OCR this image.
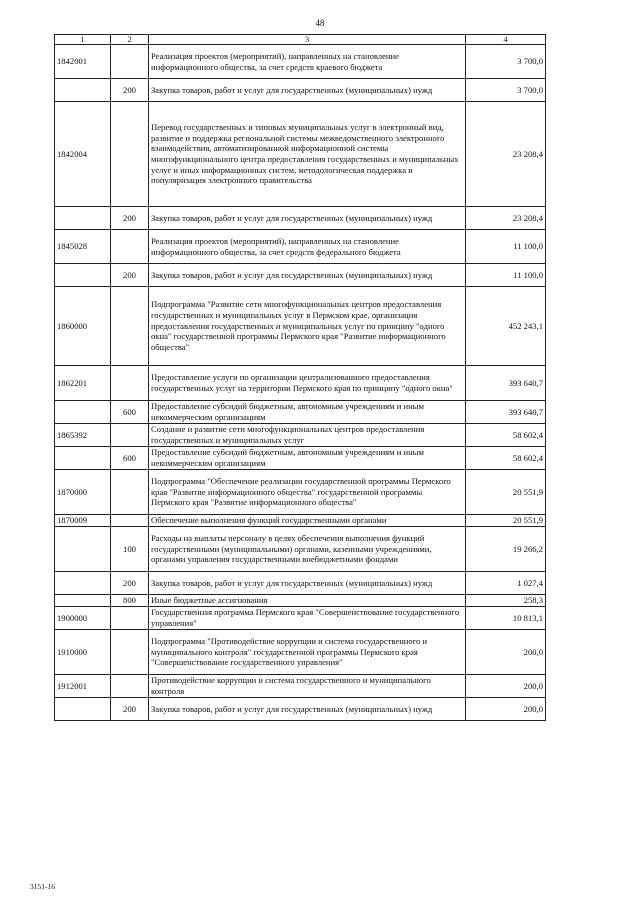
48
1	2	3	4
1842001		Реализация проектов (мероприятий), направленных на становление информационного общества, за счет средств краевого бюджета	3 700,0
	200	Закупка товаров, работ и услуг для государственных (муниципальных) нужд	3 700,0
1842004		Перевод государственных и типовых муниципальных услуг в электронный вид, развитие и поддержка региональной системы межведомственного электронного взаимодействия, автоматизированной информационной системы многофункционального центра предоставления государственных и муниципальных услуг и иных информационных систем, методологическая поддержка и популяризация электронного правительства	23 208,4
	200	Закупка товаров, работ и услуг для государственных (муниципальных) нужд	23 208,4
1845028		Реализация проектов (мероприятий), направленных на становление информационного общества, за счет средств федерального бюджета	11 100,0
	200	Закупка товаров, работ и услуг для государственных (муниципальных) нужд	11 100,0
1860000		Подпрограмма "Развитие сети многофункциональных центров предоставления государственных и муниципальных услуг в Пермском крае, организация предоставления государственных и муниципальных услуг по принципу "одного окна" государственной программы Пермского края "Развитие информационного общества"	452 243,1
1862201		Предоставление услуги по организации централизованного предоставления государственных услуг на территории Пермского края по принципу "одного окна"	393 640,7
	600	Предоставление субсидий бюджетным, автономным учреждениям и иным некоммерческим организациям	393 640,7
1865392		Создание и развитие сети многофункциональных центров предоставления государственных и муниципальных услуг	58 602,4
	600	Предоставление субсидий бюджетным, автономным учреждениям и иным некоммерческим организациям	58 602,4
1870000		Подпрограмма "Обеспечение реализации государственной программы Пермского края "Развитие информационного общества" государственной программы Пермского края "Развитие информационного общества"	20 551,9
1870009		Обеспечение выполнения функций государственными органами	20 551,9
	100	Расходы на выплаты персоналу в целях обеспечения выполнения функций государственными (муниципальными) органами, казенными учреждениями, органами управления государственными внебюджетными фондами	19 266,2
	200	Закупка товаров, работ и услуг для государственных (муниципальных) нужд	1 027,4
	800	Иные бюджетные ассигнования	258,3
1900000		Государственная программа Пермского края "Совершенствование государственного управления"	10 813,1
1910000		Подпрограмма "Противодействие коррупции и система государственного и муниципального контроля" государственной программы Пермского края "Совершенствование государственного управления"	200,0
1912001		Противодействие коррупции и система государственного и муниципального контроля	200,0
	200	Закупка товаров, работ и услуг для государственных (муниципальных) нужд	200,0
3151-16
